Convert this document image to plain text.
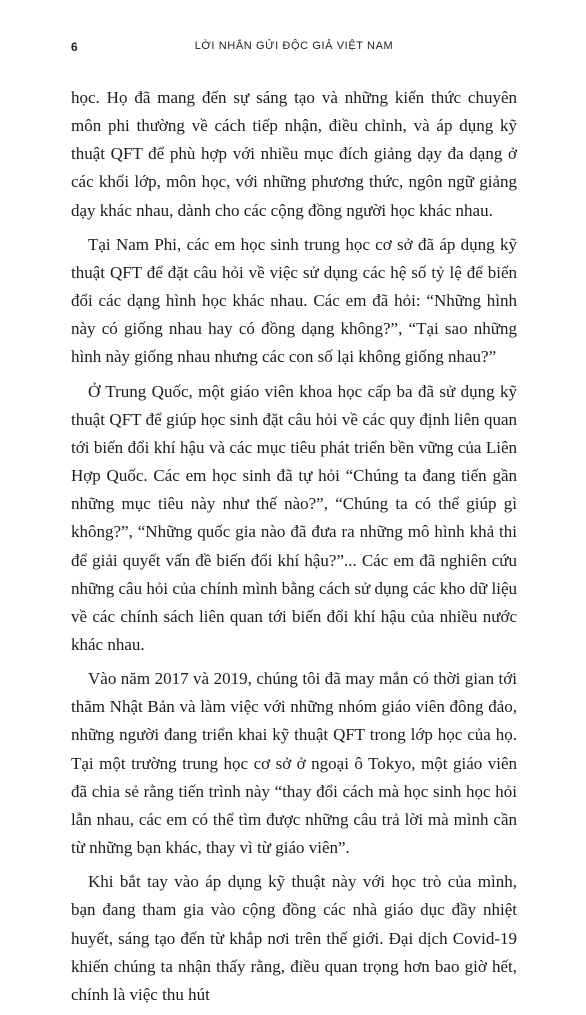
6	LỜI NHẮN GỬI ĐỘC GIẢ VIỆT NAM

học. Họ đã mang đến sự sáng tạo và những kiến thức chuyên môn phi thường về cách tiếp nhận, điều chỉnh, và áp dụng kỹ thuật QFT để phù hợp với nhiều mục đích giảng dạy đa dạng ở các khối lớp, môn học, với những phương thức, ngôn ngữ giảng dạy khác nhau, dành cho các cộng đồng người học khác nhau.

Tại Nam Phi, các em học sinh trung học cơ sở đã áp dụng kỹ thuật QFT để đặt câu hỏi về việc sử dụng các hệ số tỷ lệ để biến đổi các dạng hình học khác nhau. Các em đã hỏi: “Những hình này có giống nhau hay có đồng dạng không?”, “Tại sao những hình này giống nhau nhưng các con số lại không giống nhau?”

Ở Trung Quốc, một giáo viên khoa học cấp ba đã sử dụng kỹ thuật QFT để giúp học sinh đặt câu hỏi về các quy định liên quan tới biến đổi khí hậu và các mục tiêu phát triển bền vững của Liên Hợp Quốc. Các em học sinh đã tự hỏi “Chúng ta đang tiến gần những mục tiêu này như thế nào?”, “Chúng ta có thể giúp gì không?”, “Những quốc gia nào đã đưa ra những mô hình khả thi để giải quyết vấn đề biến đổi khí hậu?”... Các em đã nghiên cứu những câu hỏi của chính mình bằng cách sử dụng các kho dữ liệu về các chính sách liên quan tới biến đổi khí hậu của nhiều nước khác nhau.

Vào năm 2017 và 2019, chúng tôi đã may mắn có thời gian tới thăm Nhật Bản và làm việc với những nhóm giáo viên đông đảo, những người đang triển khai kỹ thuật QFT trong lớp học của họ. Tại một trường trung học cơ sở ở ngoại ô Tokyo, một giáo viên đã chia sẻ rằng tiến trình này “thay đổi cách mà học sinh học hỏi lẫn nhau, các em có thể tìm được những câu trả lời mà mình cần từ những bạn khác, thay vì từ giáo viên”.

Khi bắt tay vào áp dụng kỹ thuật này với học trò của mình, bạn đang tham gia vào cộng đồng các nhà giáo dục đầy nhiệt huyết, sáng tạo đến từ khắp nơi trên thế giới. Đại dịch Covid-19 khiến chúng ta nhận thấy rằng, điều quan trọng hơn bao giờ hết, chính là việc thu hút
